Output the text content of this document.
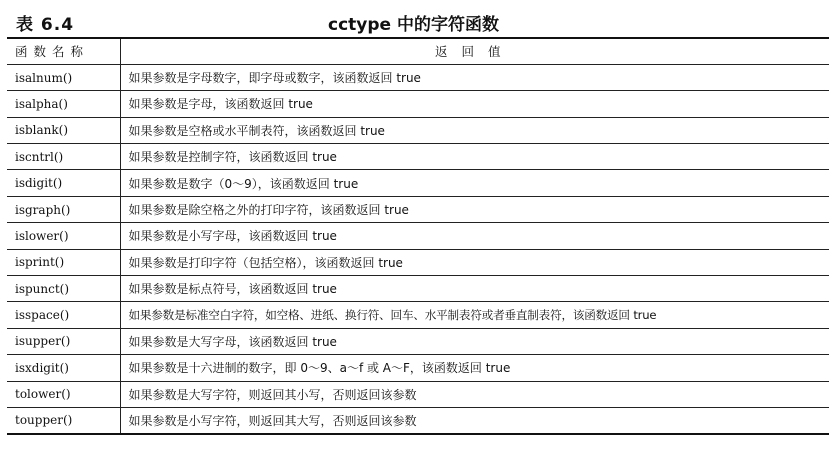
表 6.4	cctype 中的字符函数
函数名称	返回值
isalnum()	如果参数是字母数字，即字母或数字，该函数返回 true
isalpha()	如果参数是字母，该函数返回 true
isblank()	如果参数是空格或水平制表符，该函数返回 true
iscntrl()	如果参数是控制字符，该函数返回 true
isdigit()	如果参数是数字（0～9），该函数返回 true
isgraph()	如果参数是除空格之外的打印字符，该函数返回 true
islower()	如果参数是小写字母，该函数返回 true
isprint()	如果参数是打印字符（包括空格），该函数返回 true
ispunct()	如果参数是标点符号，该函数返回 true
isspace()	如果参数是标准空白字符，如空格、进纸、换行符、回车、水平制表符或者垂直制表符，该函数返回 true
isupper()	如果参数是大写字母，该函数返回 true
isxdigit()	如果参数是十六进制的数字，即 0～9、a～f 或 A～F，该函数返回 true
tolower()	如果参数是大写字符，则返回其小写，否则返回该参数
toupper()	如果参数是小写字符，则返回其大写，否则返回该参数
